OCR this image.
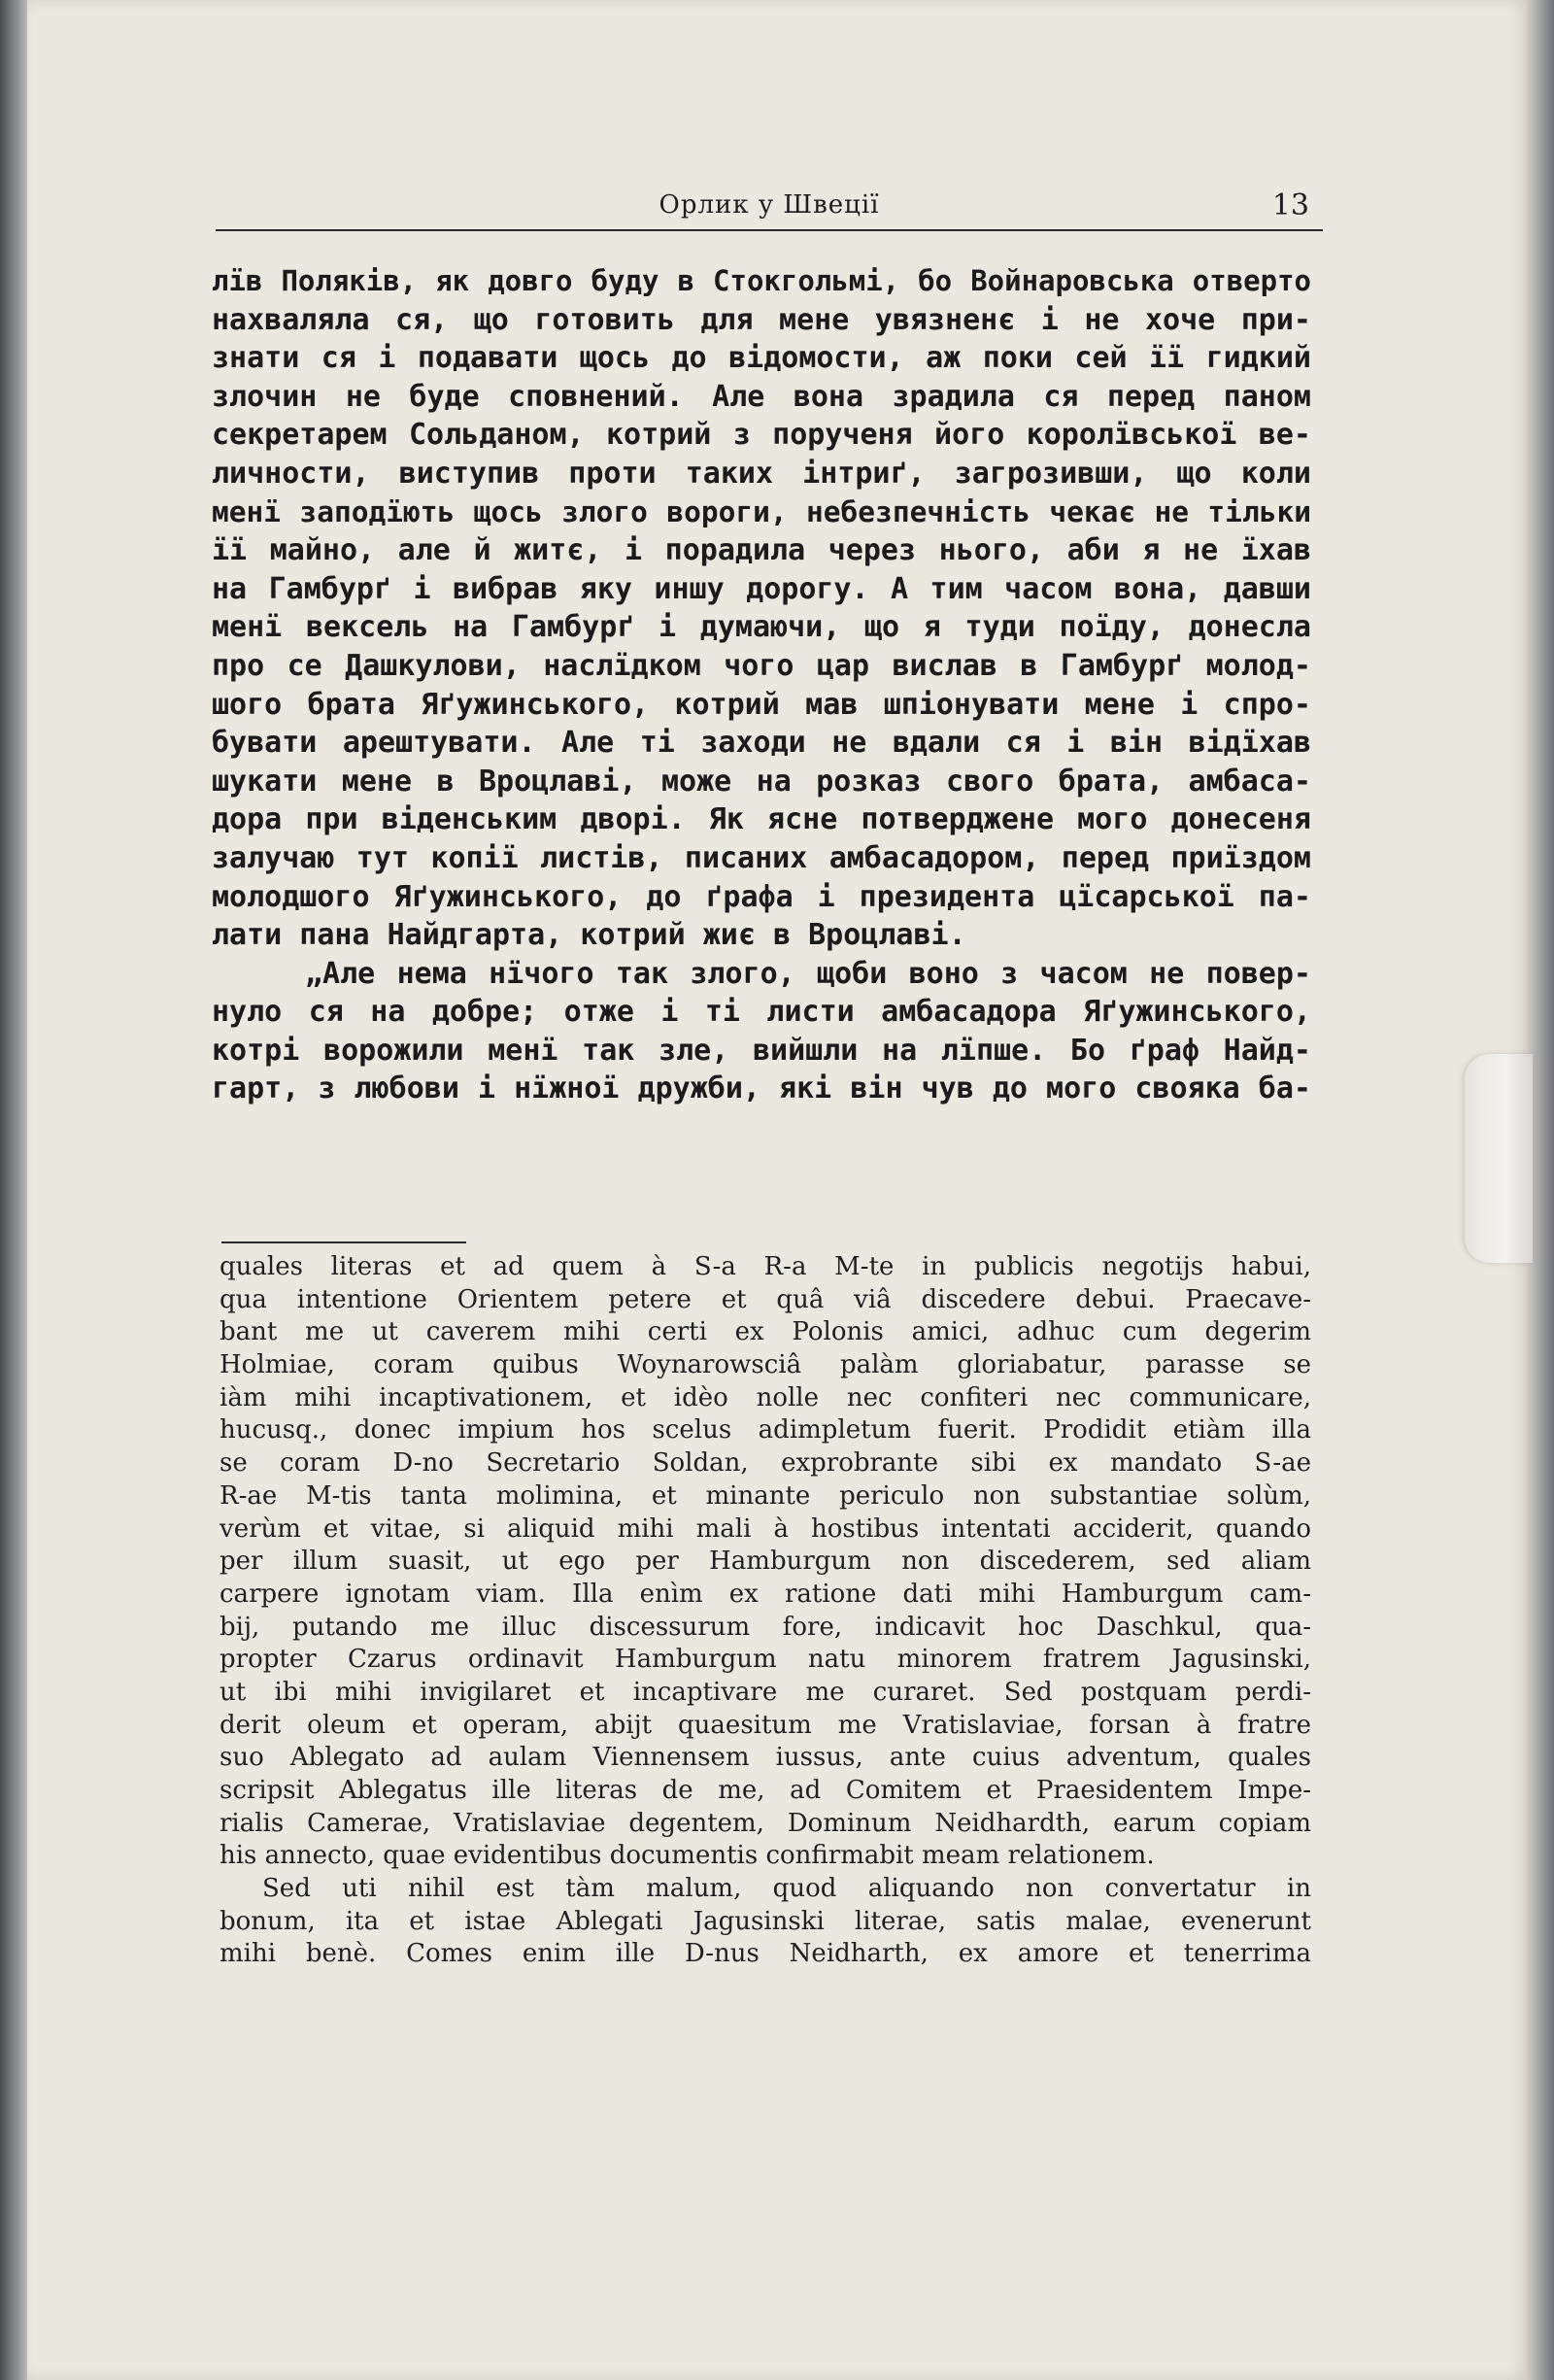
Орлик у Швеції	13
лїв Поляків, як довго буду в Стокгольмі, бо Войнаровська отверто
нахваляла ся, що готовить для мене увязненє і не хоче при-
знати ся і подавати щось до відомости, аж поки сей її гидкий
злочин не буде сповнений. Але вона зрадила ся перед паном
секретарем Сольданом, котрий з порученя його королївської ве-
личности, виступив проти таких інтриґ, загрозивши, що коли
менї заподїють щось злого вороги, небезпечність чекає не тільки
її майно, але й житє, і порадила через нього, аби я не їхав
на Гамбурґ і вибрав яку иншу дорогу. А тим часом вона, давши
менї вексель на Гамбурґ і думаючи, що я туди поїду, донесла
про се Дашкулови, наслїдком чого цар вислав в Гамбурґ молод-
шого брата Яґужинського, котрий мав шпіонувати мене і спро-
бувати арештувати. Але ті заходи не вдали ся і він відїхав
шукати мене в Вроцлаві, може на розказ свого брата, амбаса-
дора при віденським дворі. Як ясне потверджене мого донесеня
залучаю тут копії листів, писаних амбасадором, перед приїздом
молодшого Яґужинського, до ґрафа і президента цїсарської па-
лати пана Найдгарта, котрий жиє в Вроцлаві.
„Але нема нїчого так злого, щоби воно з часом не повер-
нуло ся на добре; отже і ті листи амбасадора Яґужинського,
котрі ворожили менї так зле, вийшли на лїпше. Бо ґраф Найд-
гарт, з любови і нїжної дружби, які він чув до мого свояка ба-
quales literas et ad quem à S-a R-a M-te in publicis negotijs habui,
qua intentione Orientem petere et quâ viâ discedere debui. Praecave-
bant me ut caverem mihi certi ex Polonis amici, adhuc cum degerim
Holmiae, coram quibus Woynarowsciâ palàm gloriabatur, parasse se
iàm mihi incaptivationem, et idèo nolle nec confiteri nec communicare,
hucusq., donec impium hos scelus adimpletum fuerit. Prodidit etiàm illa
se coram D-no Secretario Soldan, exprobrante sibi ex mandato S-ae
R-ae M-tis tanta molimina, et minante periculo non substantiae solùm,
verùm et vitae, si aliquid mihi mali à hostibus intentati acciderit, quando
per illum suasit, ut ego per Hamburgum non discederem, sed aliam
carpere ignotam viam. Illa enìm ex ratione dati mihi Hamburgum cam-
bij, putando me illuc discessurum fore, indicavit hoc Daschkul, qua-
propter Czarus ordinavit Hamburgum natu minorem fratrem Jagusinski,
ut ibi mihi invigilaret et incaptivare me curaret. Sed postquam perdi-
derit oleum et operam, abijt quaesitum me Vratislaviae, forsan à fratre
suo Ablegato ad aulam Viennensem iussus, ante cuius adventum, quales
scripsit Ablegatus ille literas de me, ad Comitem et Praesidentem Impe-
rialis Camerae, Vratislaviae degentem, Dominum Neidhardth, earum copiam
his annecto, quae evidentibus documentis confirmabit meam relationem.
Sed uti nihil est tàm malum, quod aliquando non convertatur in
bonum, ita et istae Ablegati Jagusinski literae, satis malae, evenerunt
mihi benè. Comes enim ille D-nus Neidharth, ex amore et tenerrima
